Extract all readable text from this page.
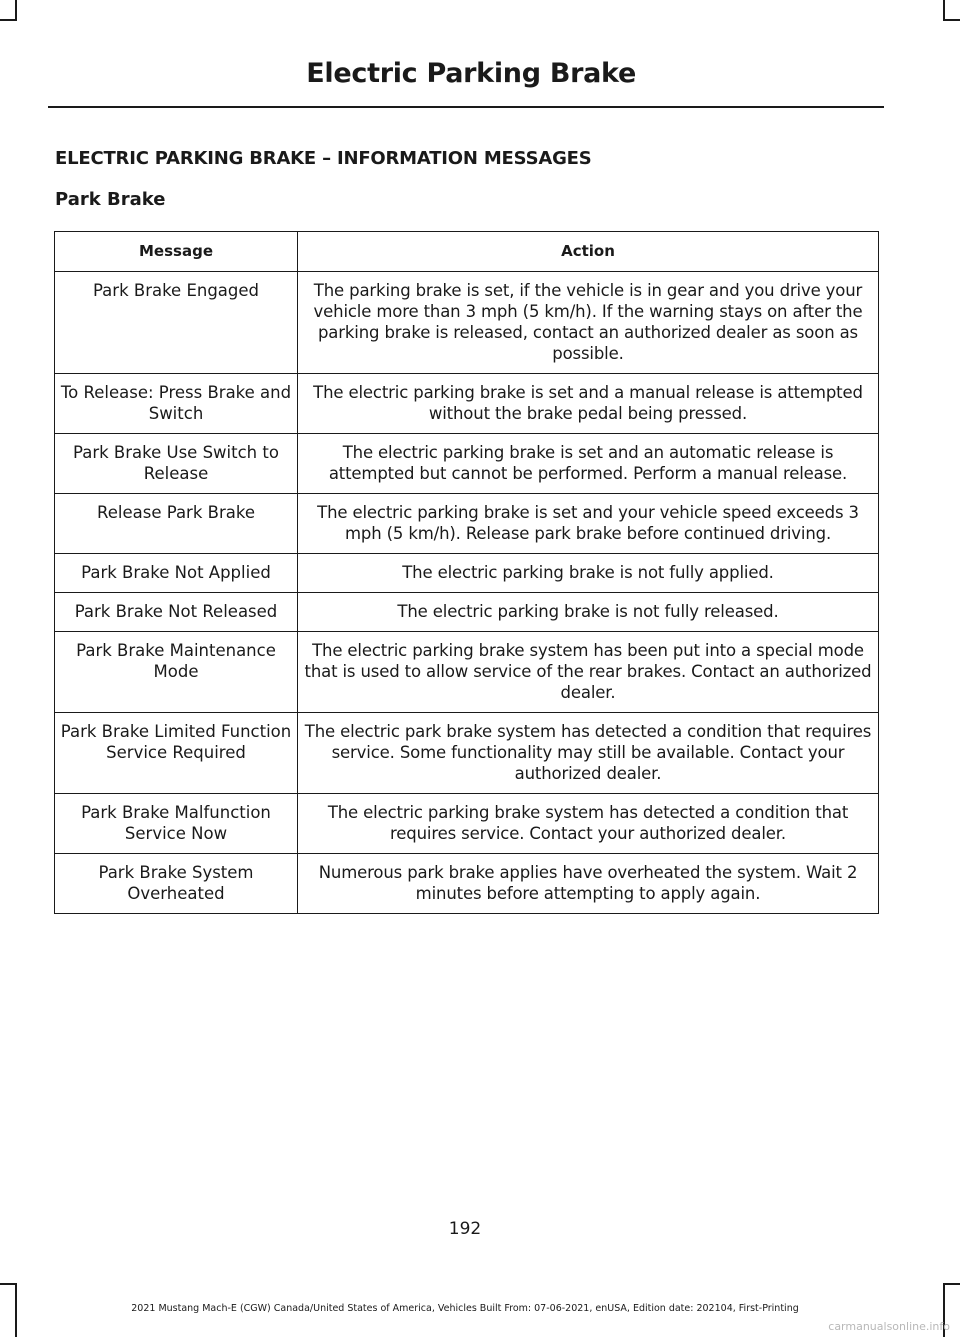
Electric Parking Brake
ELECTRIC PARKING BRAKE – INFORMATION MESSAGES
Park Brake
Message	Action
Park Brake Engaged	The parking brake is set, if the vehicle is in gear and you drive your vehicle more than 3 mph (5 km/h). If the warning stays on after the parking brake is released, contact an authorized dealer as soon as possible.
To Release: Press Brake and Switch	The electric parking brake is set and a manual release is attempted without the brake pedal being pressed.
Park Brake Use Switch to Release	The electric parking brake is set and an automatic release is attempted but cannot be performed. Perform a manual release.
Release Park Brake	The electric parking brake is set and your vehicle speed exceeds 3 mph (5 km/h). Release park brake before continued driving.
Park Brake Not Applied	The electric parking brake is not fully applied.
Park Brake Not Released	The electric parking brake is not fully released.
Park Brake Maintenance Mode	The electric parking brake system has been put into a special mode that is used to allow service of the rear brakes. Contact an authorized dealer.
Park Brake Limited Function Service Required	The electric park brake system has detected a condition that requires service. Some functionality may still be available. Contact your authorized dealer.
Park Brake Malfunction Service Now	The electric parking brake system has detected a condition that requires service. Contact your authorized dealer.
Park Brake System Overheated	Numerous park brake applies have overheated the system. Wait 2 minutes before attempting to apply again.
192
2021 Mustang Mach-E (CGW) Canada/United States of America, Vehicles Built From: 07-06-2021, enUSA, Edition date: 202104, First-Printing
carmanualsonline.info
